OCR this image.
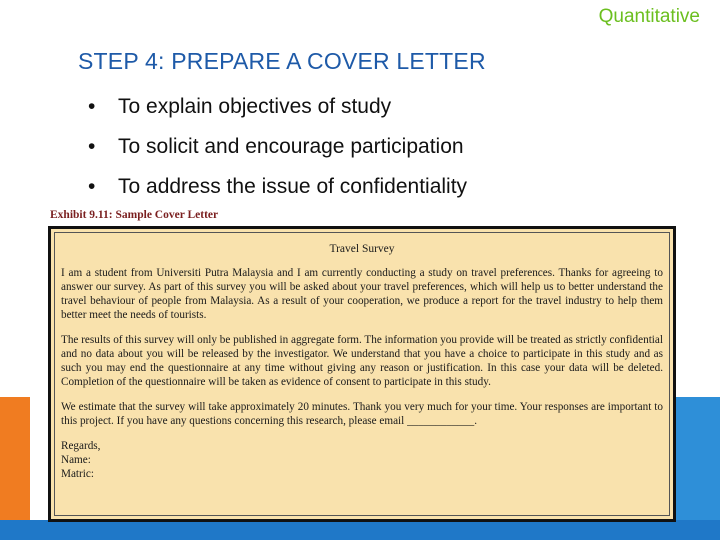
Quantitative
STEP 4: PREPARE A COVER LETTER
•	To explain objectives of study
•	To solicit and encourage participation
•	To address the issue of confidentiality
Exhibit 9.11: Sample Cover Letter
Travel Survey

I am a student from Universiti Putra Malaysia and I am currently conducting a study on travel preferences. Thanks for agreeing to answer our survey. As part of this survey you will be asked about your travel preferences, which will help us to better understand the travel behaviour of people from Malaysia. As a result of your cooperation, we produce a report for the travel industry to help them better meet the needs of tourists.

The results of this survey will only be published in aggregate form. The information you provide will be treated as strictly confidential and no data about you will be released by the investigator. We understand that you have a choice to participate in this study and as such you may end the questionnaire at any time without giving any reason or justification. In this case your data will be deleted. Completion of the questionnaire will be taken as evidence of consent to participate in this study.

We estimate that the survey will take approximately 20 minutes. Thank you very much for your time. Your responses are important to this project. If you have any questions concerning this research, please email ____________.

Regards,

Name:

Matric:
